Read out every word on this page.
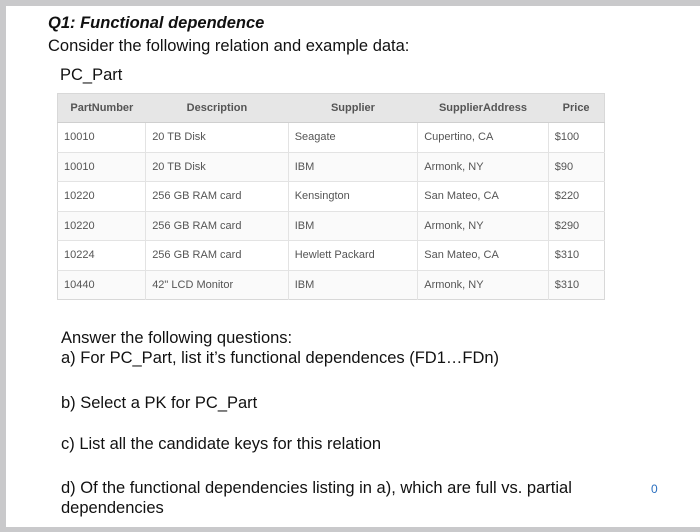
Q1: Functional dependence
Consider the following relation and example data:
PC_Part
PartNumber	Description	Supplier	SupplierAddress	Price
10010	20 TB Disk	Seagate	Cupertino, CA	$100
10010	20 TB Disk	IBM	Armonk, NY	$90
10220	256 GB RAM card	Kensington	San Mateo, CA	$220
10220	256 GB RAM card	IBM	Armonk, NY	$290
10224	256 GB RAM card	Hewlett Packard	San Mateo, CA	$310
10440	42" LCD Monitor	IBM	Armonk, NY	$310
Answer the following questions:
a) For PC_Part, list it’s functional dependences (FD1…FDn)
b) Select a PK for PC_Part
c) List all the candidate keys for this relation
d) Of the functional dependencies listing in a), which are full vs. partial dependencies
0
